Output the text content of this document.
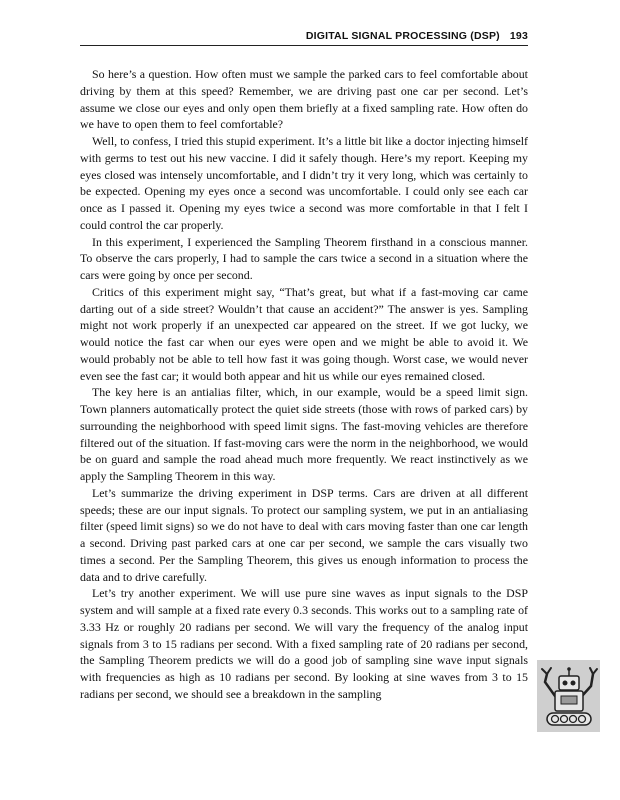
DIGITAL SIGNAL PROCESSING (DSP) 193

So here’s a question. How often must we sample the parked cars to feel comfortable about driving by them at this speed? Remember, we are driving past one car per second. Let’s assume we close our eyes and only open them briefly at a fixed sampling rate. How often do we have to open them to feel comfortable?

Well, to confess, I tried this stupid experiment. It’s a little bit like a doctor injecting himself with germs to test out his new vaccine. I did it safely though. Here’s my report. Keeping my eyes closed was intensely uncomfortable, and I didn’t try it very long, which was certainly to be expected. Opening my eyes once a second was uncomfortable. I could only see each car once as I passed it. Opening my eyes twice a second was more comfortable in that I felt I could control the car properly.

In this experiment, I experienced the Sampling Theorem firsthand in a conscious manner. To observe the cars properly, I had to sample the cars twice a second in a situation where the cars were going by once per second.

Critics of this experiment might say, “That’s great, but what if a fast-moving car came darting out of a side street? Wouldn’t that cause an accident?” The answer is yes. Sampling might not work properly if an unexpected car appeared on the street. If we got lucky, we would notice the fast car when our eyes were open and we might be able to avoid it. We would probably not be able to tell how fast it was going though. Worst case, we would never even see the fast car; it would both appear and hit us while our eyes remained closed.

The key here is an antialias filter, which, in our example, would be a speed limit sign. Town planners automatically protect the quiet side streets (those with rows of parked cars) by surrounding the neighborhood with speed limit signs. The fast-moving vehicles are therefore filtered out of the situation. If fast-moving cars were the norm in the neighborhood, we would be on guard and sample the road ahead much more frequently. We react instinctively as we apply the Sampling Theorem in this way.

Let’s summarize the driving experiment in DSP terms. Cars are driven at all different speeds; these are our input signals. To protect our sampling system, we put in an antialiasing filter (speed limit signs) so we do not have to deal with cars moving faster than one car length a second. Driving past parked cars at one car per second, we sample the cars visually two times a second. Per the Sampling Theorem, this gives us enough information to process the data and to drive carefully.

Let’s try another experiment. We will use pure sine waves as input signals to the DSP system and will sample at a fixed rate every 0.3 seconds. This works out to a sampling rate of 3.33 Hz or roughly 20 radians per second. We will vary the frequency of the analog input signals from 3 to 15 radians per second. With a fixed sampling rate of 20 radians per second, the Sampling Theorem predicts we will do a good job of sampling sine wave input signals with frequencies as high as 10 radians per second. By looking at sine waves from 3 to 15 radians per second, we should see a breakdown in the sampling
